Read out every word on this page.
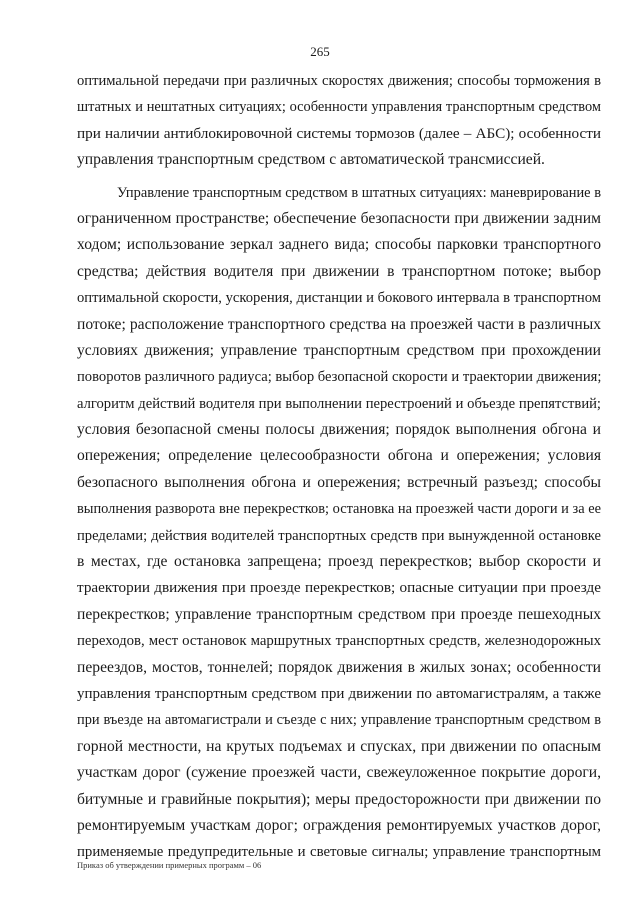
265
оптимальной передачи при различных скоростях движения; способы торможения в
штатных и нештатных ситуациях; особенности управления транспортным средством
при наличии антиблокировочной системы тормозов (далее – АБС); особенности
управления транспортным средством с автоматической трансмиссией.
Управление транспортным средством в штатных ситуациях: маневрирование в
ограниченном пространстве; обеспечение безопасности при движении задним
ходом; использование зеркал заднего вида; способы парковки транспортного
средства; действия водителя при движении в транспортном потоке; выбор
оптимальной скорости, ускорения, дистанции и бокового интервала в транспортном
потоке; расположение транспортного средства на проезжей части в различных
условиях движения; управление транспортным средством при прохождении
поворотов различного радиуса; выбор безопасной скорости и траектории движения;
алгоритм действий водителя при выполнении перестроений и объезде препятствий;
условия безопасной смены полосы движения; порядок выполнения обгона и
опережения; определение целесообразности обгона и опережения; условия
безопасного выполнения обгона и опережения; встречный разъезд; способы
выполнения разворота вне перекрестков; остановка на проезжей части дороги и за ее
пределами; действия водителей транспортных средств при вынужденной остановке
в местах, где остановка запрещена; проезд перекрестков; выбор скорости и
траектории движения при проезде перекрестков; опасные ситуации при проезде
перекрестков; управление транспортным средством при проезде пешеходных
переходов, мест остановок маршрутных транспортных средств, железнодорожных
переездов, мостов, тоннелей; порядок движения в жилых зонах; особенности
управления транспортным средством при движении по автомагистралям, а также
при въезде на автомагистрали и съезде с них; управление транспортным средством в
горной местности, на крутых подъемах и спусках, при движении по опасным
участкам дорог (сужение проезжей части, свежеуложенное покрытие дороги,
битумные и гравийные покрытия); меры предосторожности при движении по
ремонтируемым участкам дорог; ограждения ремонтируемых участков дорог,
применяемые предупредительные и световые сигналы; управление транспортным
Приказ об утверждении примерных программ – 06
